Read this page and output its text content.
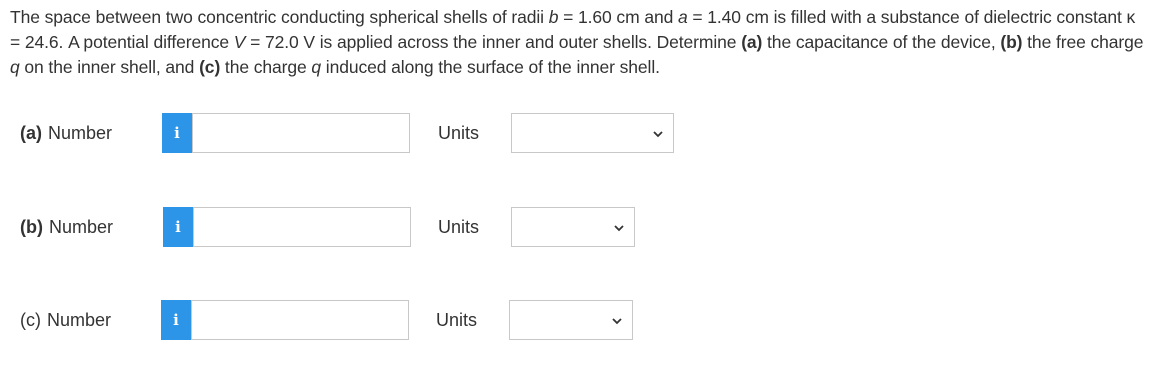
The space between two concentric conducting spherical shells of radii b = 1.60 cm and a = 1.40 cm is filled with a substance of dielectric constant κ = 24.6. A potential difference V = 72.0 V is applied across the inner and outer shells. Determine (a) the capacitance of the device, (b) the free charge q on the inner shell, and (c) the charge q induced along the surface of the inner shell.
(a) Number	i	Units
(b) Number	i	Units
(c) Number	i	Units
